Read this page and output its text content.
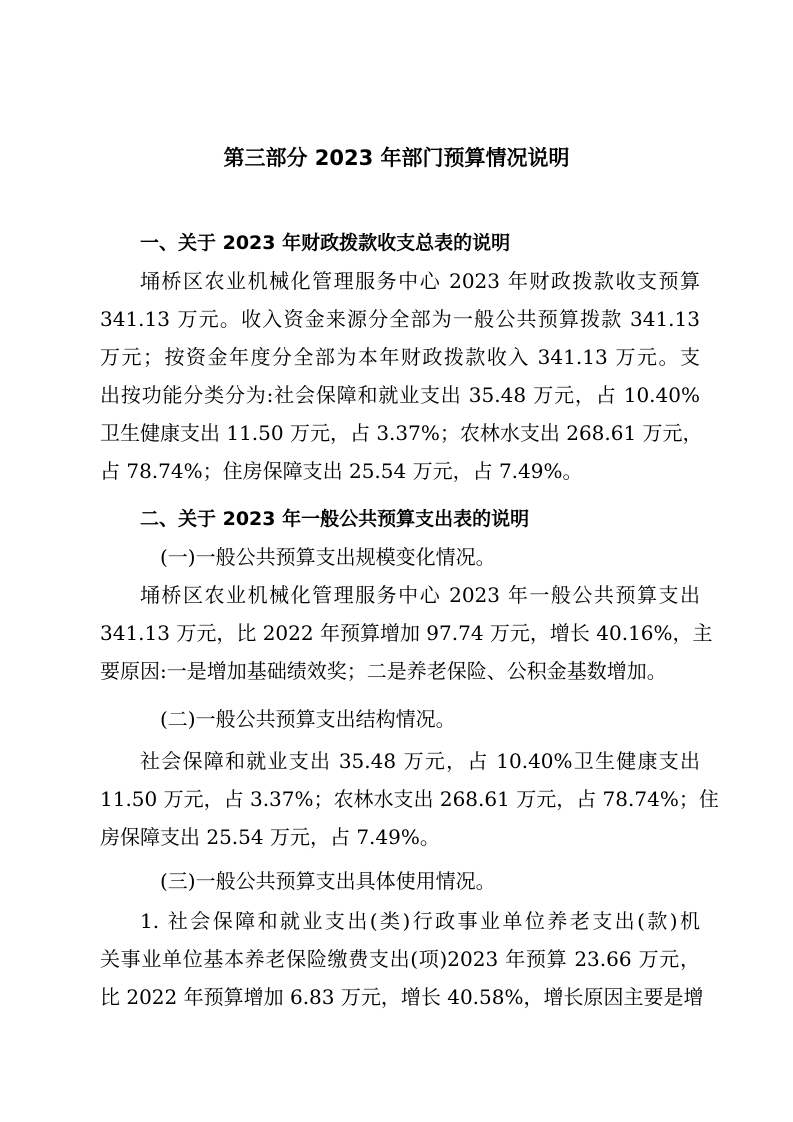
第三部分 2023 年部门预算情况说明
一、关于 2023 年财政拨款收支总表的说明
埇桥区农业机械化管理服务中心 2023 年财政拨款收支预算
341.13 万元。收入资金来源分全部为一般公共预算拨款 341.13
万元；按资金年度分全部为本年财政拨款收入 341.13 万元。支
出按功能分类分为:社会保障和就业支出 35.48 万元，占 10.40%
卫生健康支出 11.50 万元，占 3.37%；农林水支出 268.61 万元，
占 78.74%；住房保障支出 25.54 万元，占 7.49%。
二、关于 2023 年一般公共预算支出表的说明
(一)一般公共预算支出规模变化情况。
埇桥区农业机械化管理服务中心 2023 年一般公共预算支出
341.13 万元，比 2022 年预算增加 97.74 万元，增长 40.16%，主
要原因:一是增加基础绩效奖；二是养老保险、公积金基数增加。
(二)一般公共预算支出结构情况。
社会保障和就业支出 35.48 万元，占 10.40%卫生健康支出
11.50 万元，占 3.37%；农林水支出 268.61 万元，占 78.74%；住
房保障支出 25.54 万元，占 7.49%。
(三)一般公共预算支出具体使用情况。
1. 社会保障和就业支出(类)行政事业单位养老支出(款)机
关事业单位基本养老保险缴费支出(项)2023 年预算 23.66 万元，
比 2022 年预算增加 6.83 万元，增长 40.58%，增长原因主要是增
